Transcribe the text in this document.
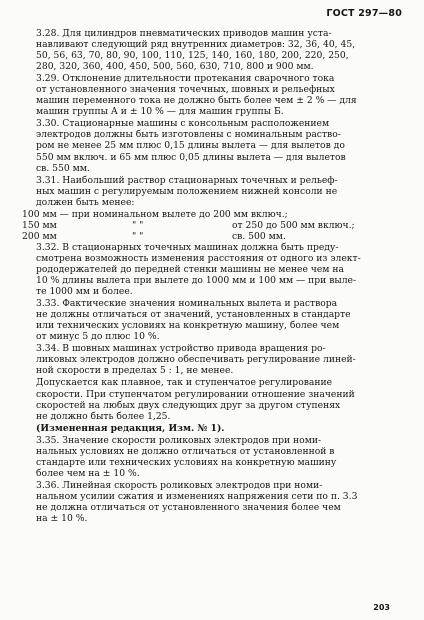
ГОСТ 297—80

3.28. Для цилиндров пневматических приводов машин уста-
навливают следующий ряд внутренних диаметров: 32, 36, 40, 45,
50, 56, 63, 70, 80, 90, 100, 110, 125, 140, 160, 180, 200, 220, 250,
280, 320, 360, 400, 450, 500, 560, 630, 710, 800 и 900 мм.

3.29. Отклонение длительности протекания сварочного тока
от установленного значения точечных, шовных и рельефных
машин переменного тока не должно быть более чем ± 2 % — для
машин группы А и ± 10 % — для машин группы Б.

3.30. Стационарные машины с консольным расположением
электродов должны быть изготовлены с номинальным раство-
ром не менее 25 мм плюс 0,15 длины вылета — для вылетов до
550 мм включ. и 65 мм плюс 0,05 длины вылета — для вылетов
св. 550 мм.

3.31. Наибольший раствор стационарных точечных и рельеф-
ных машин с регулируемым положением нижней консоли не
должен быть менее:

100 мм — при номинальном вылете до 200 мм включ.;
150 мм	" "	от 250 до 500 мм включ.;
200 мм	" "	св. 500 мм.

3.32. В стационарных точечных машинах должна быть преду-
смотрена возможность изменения расстояния от одного из элект-
рододержателей до передней стенки машины не менее чем на
10 % длины вылета при вылете до 1000 мм и 100 мм — при выле-
те 1000 мм и более.

3.33. Фактические значения номинальных вылета и раствора
не должны отличаться от значений, установленных в стандарте
или технических условиях на конкретную машину, более чем
от минус 5 до плюс 10 %.

3.34. В шовных машинах устройство привода вращения ро-
ликовых электродов должно обеспечивать регулирование линей-
ной скорости в пределах 5 : 1, не менее.

Допускается как плавное, так и ступенчатое регулирование
скорости. При ступенчатом регулировании отношение значений
скоростей на любых двух следующих друг за другом ступенях
не должно быть более 1,25.

(Измененная редакция, Изм. № 1).

3.35. Значение скорости роликовых электродов при номи-
нальных условиях не должно отличаться от установленной в
стандарте или технических условиях на конкретную машину
более чем на ± 10 %.

3.36. Линейная скорость роликовых электродов при номи-
нальном усилии сжатия и изменениях напряжения сети по п. 3.3
не должна отличаться от установленного значения более чем
на ± 10 %.

203
